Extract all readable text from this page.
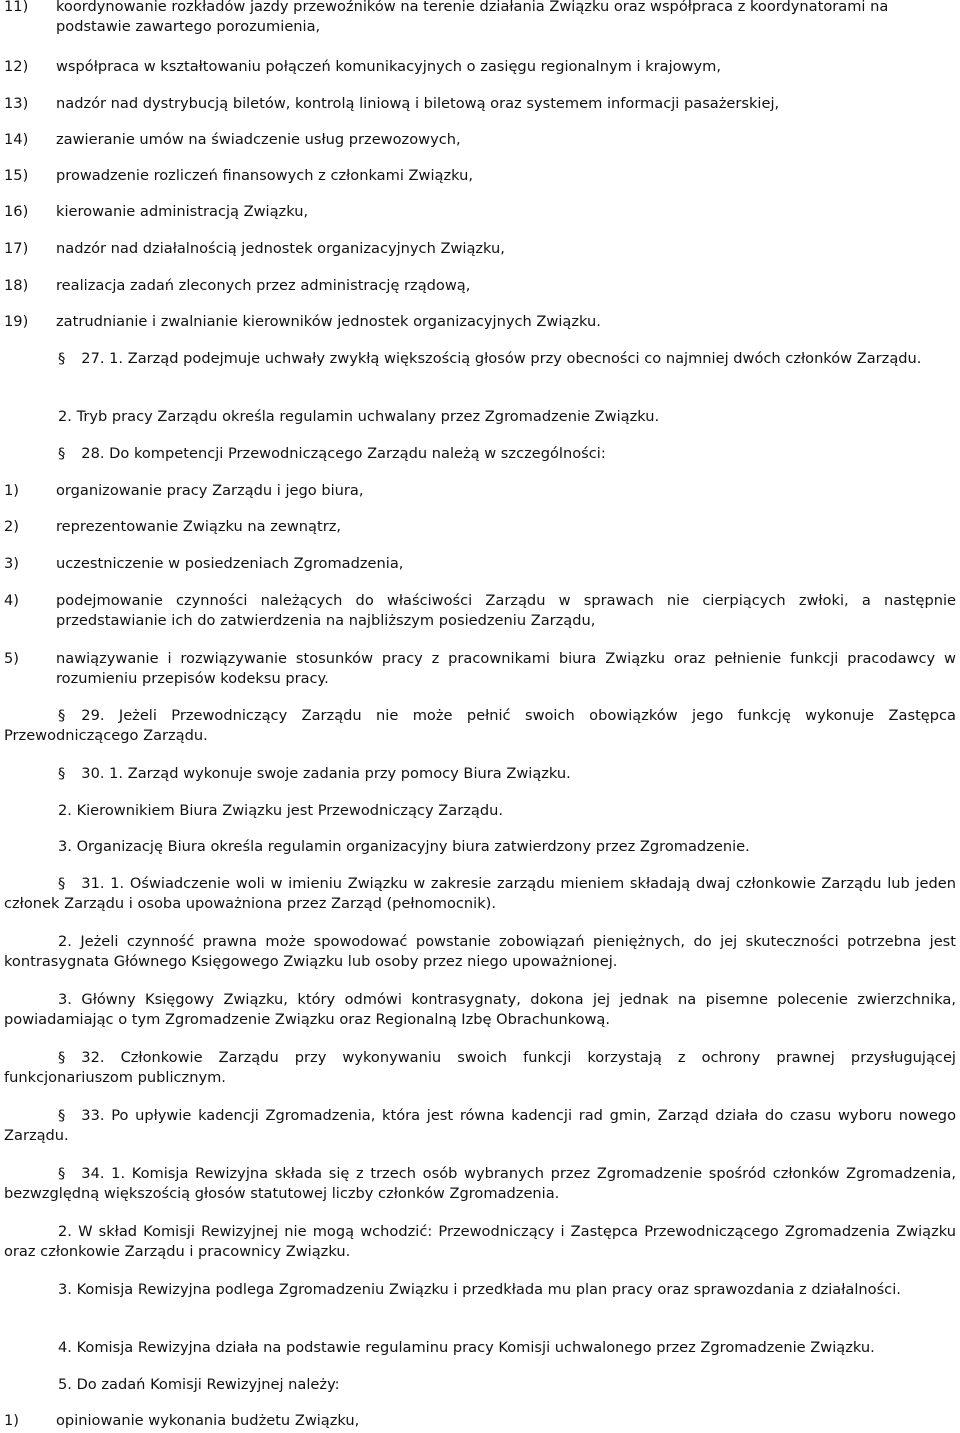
11)	koordynowanie rozkładów jazdy przewoźników na terenie działania Związku oraz współpraca z koordynatorami na podstawie zawartego porozumienia,
12)	współpraca w kształtowaniu połączeń komunikacyjnych o zasięgu regionalnym i krajowym,
13)	nadzór nad dystrybucją biletów, kontrolą liniową i biletową oraz systemem informacji pasażerskiej,
14)	zawieranie umów na świadczenie usług przewozowych,
15)	prowadzenie rozliczeń finansowych z członkami Związku,
16)	kierowanie administracją Związku,
17)	nadzór nad działalnością jednostek organizacyjnych Związku,
18)	realizacja zadań zleconych przez administrację rządową,
19)	zatrudnianie i zwalnianie kierowników jednostek organizacyjnych Związku.
§ 27. 1. Zarząd podejmuje uchwały zwykłą większością głosów przy obecności co najmniej dwóch członków Zarządu.
2. Tryb pracy Zarządu określa regulamin uchwalany przez Zgromadzenie Związku.
§ 28. Do kompetencji Przewodniczącego Zarządu należą w szczególności:
1)	organizowanie pracy Zarządu i jego biura,
2)	reprezentowanie Związku na zewnątrz,
3)	uczestniczenie w posiedzeniach Zgromadzenia,
4)	podejmowanie czynności należących do właściwości Zarządu w sprawach nie cierpiących zwłoki, a następnie przedstawianie ich do zatwierdzenia na najbliższym posiedzeniu Zarządu,
5)	nawiązywanie i rozwiązywanie stosunków pracy z pracownikami biura Związku oraz pełnienie funkcji pracodawcy w rozumieniu przepisów kodeksu pracy.
§ 29. Jeżeli Przewodniczący Zarządu nie może pełnić swoich obowiązków jego funkcję wykonuje Zastępca Przewodniczącego Zarządu.
§ 30. 1. Zarząd wykonuje swoje zadania przy pomocy Biura Związku.
2. Kierownikiem Biura Związku jest Przewodniczący Zarządu.
3. Organizację Biura określa regulamin organizacyjny biura zatwierdzony przez Zgromadzenie.
§ 31. 1. Oświadczenie woli w imieniu Związku w zakresie zarządu mieniem składają dwaj członkowie Zarządu lub jeden członek Zarządu i osoba upoważniona przez Zarząd (pełnomocnik).
2. Jeżeli czynność prawna może spowodować powstanie zobowiązań pieniężnych, do jej skuteczności potrzebna jest kontrasygnata Głównego Księgowego Związku lub osoby przez niego upoważnionej.
3. Główny Księgowy Związku, który odmówi kontrasygnaty, dokona jej jednak na pisemne polecenie zwierzchnika, powiadamiając o tym Zgromadzenie Związku oraz Regionalną Izbę Obrachunkową.
§ 32. Członkowie Zarządu przy wykonywaniu swoich funkcji korzystają z ochrony prawnej przysługującej funkcjonariuszom publicznym.
§ 33. Po upływie kadencji Zgromadzenia, która jest równa kadencji rad gmin, Zarząd działa do czasu wyboru nowego Zarządu.
§ 34. 1. Komisja Rewizyjna składa się z trzech osób wybranych przez Zgromadzenie spośród członków Zgromadzenia, bezwzględną większością głosów statutowej liczby członków Zgromadzenia.
2. W skład Komisji Rewizyjnej nie mogą wchodzić: Przewodniczący i Zastępca Przewodniczącego Zgromadzenia Związku oraz członkowie Zarządu i pracownicy Związku.
3. Komisja Rewizyjna podlega Zgromadzeniu Związku i przedkłada mu plan pracy oraz sprawozdania z działalności.
4. Komisja Rewizyjna działa na podstawie regulaminu pracy Komisji uchwalonego przez Zgromadzenie Związku.
5. Do zadań Komisji Rewizyjnej należy:
1)	opiniowanie wykonania budżetu Związku,
